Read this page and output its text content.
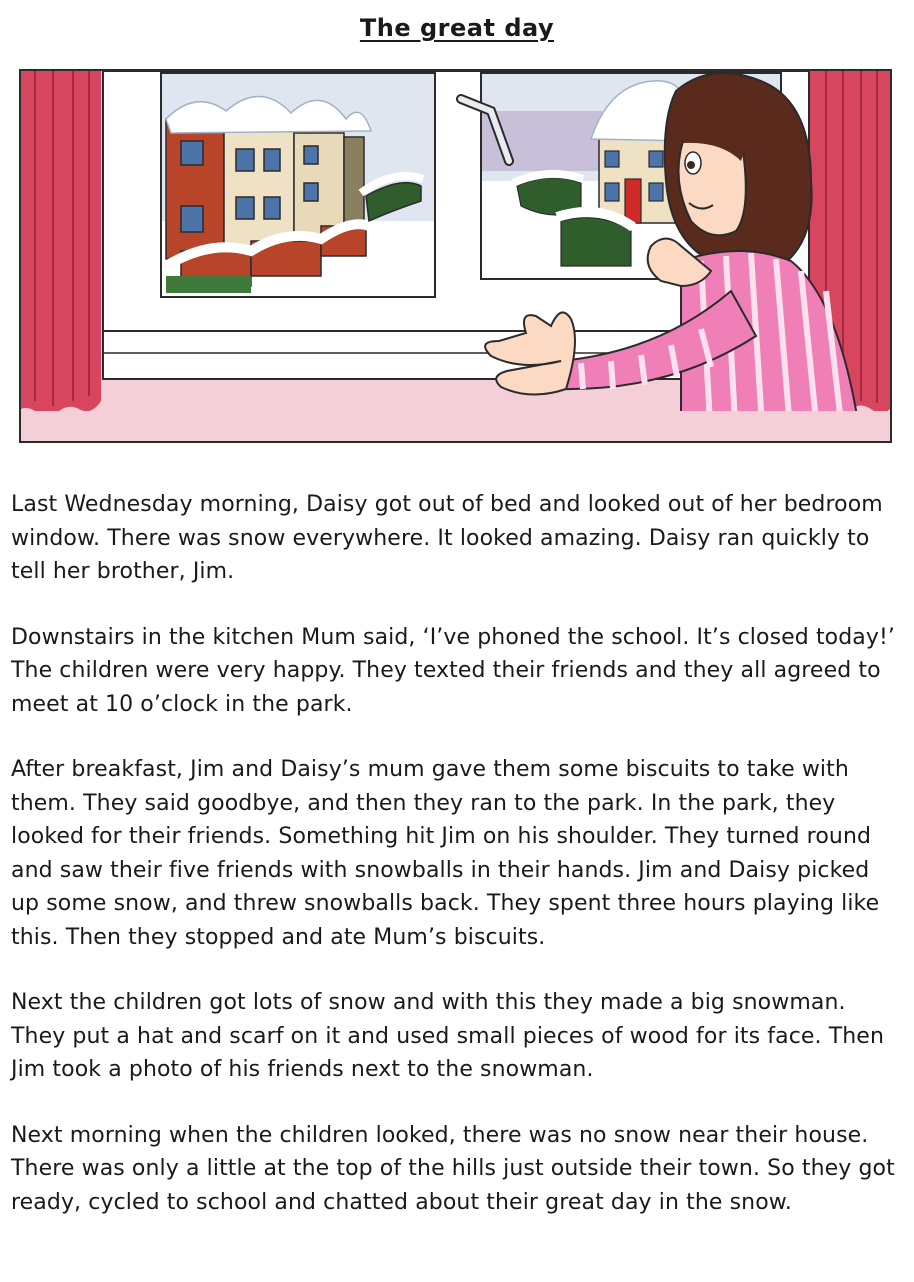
The great day

Last Wednesday morning, Daisy got out of bed and looked out of her bedroom window. There was snow everywhere. It looked amazing. Daisy ran quickly to tell her brother, Jim.

Downstairs in the kitchen Mum said, ‘I’ve phoned the school. It’s closed today!’ The children were very happy. They texted their friends and they all agreed to meet at 10 o’clock in the park.

After breakfast, Jim and Daisy’s mum gave them some biscuits to take with them. They said goodbye, and then they ran to the park. In the park, they looked for their friends. Something hit Jim on his shoulder. They turned round and saw their five friends with snowballs in their hands. Jim and Daisy picked up some snow, and threw snowballs back. They spent three hours playing like this. Then they stopped and ate Mum’s biscuits.

Next the children got lots of snow and with this they made a big snowman. They put a hat and scarf on it and used small pieces of wood for its face. Then Jim took a photo of his friends next to the snowman.

Next morning when the children looked, there was no snow near their house. There was only a little at the top of the hills just outside their town. So they got ready, cycled to school and chatted about their great day in the snow.
